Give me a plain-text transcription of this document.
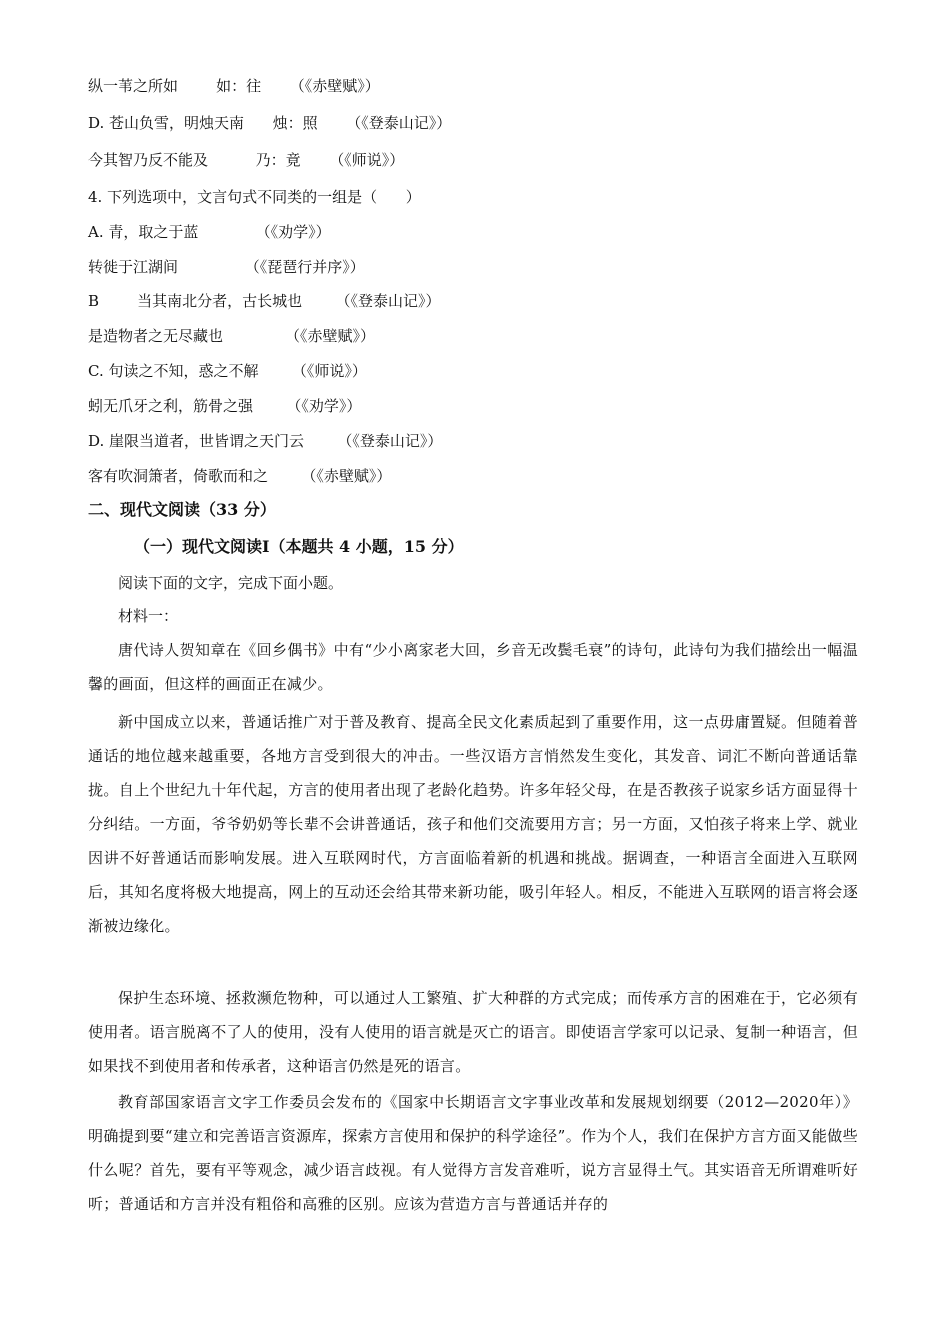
纵一苇之所如        如：往      （《赤壁赋》）
D. 苍山负雪，明烛天南      烛：照      （《登泰山记》）
今其智乃反不能及          乃：竟      （《师说》）
4. 下列选项中，文言句式不同类的一组是（      ）
A. 青，取之于蓝            （《劝学》）
转徙于江湖间              （《琵琶行并序》）
B        当其南北分者，古长城也       （《登泰山记》）
是造物者之无尽藏也             （《赤壁赋》）
C. 句读之不知，惑之不解       （《师说》）
蚓无爪牙之利，筋骨之强       （《劝学》）
D. 崖限当道者，世皆谓之天门云       （《登泰山记》）
客有吹洞箫者，倚歌而和之       （《赤壁赋》）
二、现代文阅读（33 分）
（一）现代文阅读Ⅰ（本题共 4 小题，15 分）
阅读下面的文字，完成下面小题。
材料一：
唐代诗人贺知章在《回乡偶书》中有“少小离家老大回，乡音无改鬓毛衰”的诗句，此诗句为我们描绘出一幅温馨的画面，但这样的画面正在减少。
新中国成立以来，普通话推广对于普及教育、提高全民文化素质起到了重要作用，这一点毋庸置疑。但随着普通话的地位越来越重要，各地方言受到很大的冲击。一些汉语方言悄然发生变化，其发音、词汇不断向普通话靠拢。自上个世纪九十年代起，方言的使用者出现了老龄化趋势。许多年轻父母，在是否教孩子说家乡话方面显得十分纠结。一方面，爷爷奶奶等长辈不会讲普通话，孩子和他们交流要用方言；另一方面，又怕孩子将来上学、就业因讲不好普通话而影响发展。进入互联网时代，方言面临着新的机遇和挑战。据调查，一种语言全面进入互联网后，其知名度将极大地提高，网上的互动还会给其带来新功能，吸引年轻人。相反，不能进入互联网的语言将会逐渐被边缘化。
保护生态环境、拯救濒危物种，可以通过人工繁殖、扩大种群的方式完成；而传承方言的困难在于，它必须有使用者。语言脱离不了人的使用，没有人使用的语言就是灭亡的语言。即使语言学家可以记录、复制一种语言，但如果找不到使用者和传承者，这种语言仍然是死的语言。
教育部国家语言文字工作委员会发布的《国家中长期语言文字事业改革和发展规划纲要（2012—2020年）》明确提到要“建立和完善语言资源库，探索方言使用和保护的科学途径”。作为个人，我们在保护方言方面又能做些什么呢？首先，要有平等观念，减少语言歧视。有人觉得方言发音难听，说方言显得土气。其实语音无所谓难听好听；普通话和方言并没有粗俗和高雅的区别。应该为营造方言与普通话并存的
